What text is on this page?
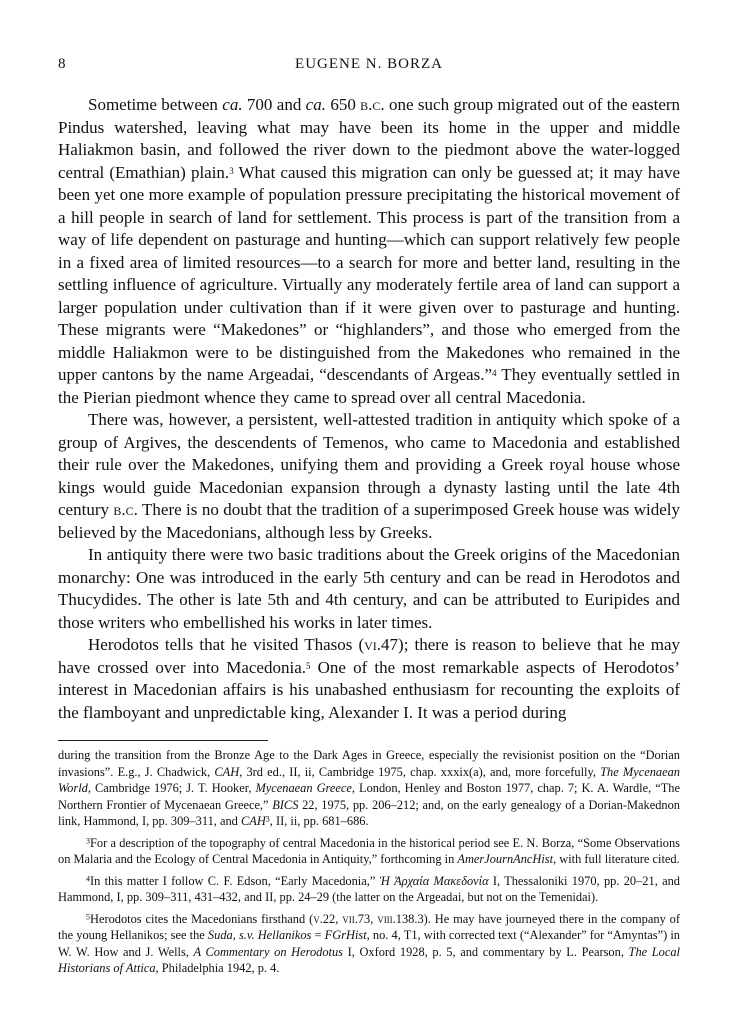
8	EUGENE N. BORZA

Sometime between ca. 700 and ca. 650 b.c. one such group migrated out of the eastern Pindus watershed, leaving what may have been its home in the upper and middle Haliakmon basin, and followed the river down to the piedmont above the water-logged central (Emathian) plain.$^3$ What caused this migration can only be guessed at; it may have been yet one more example of population pressure precipitating the historical movement of a hill people in search of land for settlement. This process is part of the transition from a way of life dependent on pasturage and hunting—which can support relatively few people in a fixed area of limited resources—to a search for more and better land, resulting in the settling influence of agriculture. Virtually any moderately fertile area of land can support a larger population under cultivation than if it were given over to pasturage and hunting. These migrants were “Makedones” or “highlanders”, and those who emerged from the middle Haliakmon were to be distinguished from the Makedones who remained in the upper cantons by the name Argeadai, “descendants of Argeas.”$^4$ They eventually settled in the Pierian piedmont whence they came to spread over all central Macedonia.

There was, however, a persistent, well-attested tradition in antiquity which spoke of a group of Argives, the descendents of Temenos, who came to Macedonia and established their rule over the Makedones, unifying them and providing a Greek royal house whose kings would guide Macedonian expansion through a dynasty lasting until the late 4th century b.c. There is no doubt that the tradition of a superimposed Greek house was widely believed by the Macedonians, although less by Greeks.

In antiquity there were two basic traditions about the Greek origins of the Macedonian monarchy: One was introduced in the early 5th century and can be read in Herodotos and Thucydides. The other is late 5th and 4th century, and can be attributed to Euripides and those writers who embellished his works in later times.

Herodotos tells that he visited Thasos (vi.47); there is reason to believe that he may have crossed over into Macedonia.$^5$ One of the most remarkable aspects of Herodotos’ interest in Macedonian affairs is his unabashed enthusiasm for recounting the exploits of the flamboyant and unpredictable king, Alexander I. It was a period during

during the transition from the Bronze Age to the Dark Ages in Greece, especially the revisionist position on the “Dorian invasions”. E.g., J. Chadwick, CAH, 3rd ed., II, ii, Cambridge 1975, chap. xxxix(a), and, more forcefully, The Mycenaean World, Cambridge 1976; J. T. Hooker, Mycenaean Greece, London, Henley and Boston 1977, chap. 7; K. A. Wardle, “The Northern Frontier of Mycenaean Greece,” BICS 22, 1975, pp. 206–212; and, on the early genealogy of a Dorian-Makednon link, Hammond, I, pp. 309–311, and CAH$^3$, II, ii, pp. 681–686.

$^3$For a description of the topography of central Macedonia in the historical period see E. N. Borza, “Some Observations on Malaria and the Ecology of Central Macedonia in Antiquity,” forthcoming in AmerJournAncHist, with full literature cited.

$^4$In this matter I follow C. F. Edson, “Early Macedonia,” Ἡ Ἀρχαία Μακεδονία I, Thessaloniki 1970, pp. 20–21, and Hammond, I, pp. 309–311, 431–432, and II, pp. 24–29 (the latter on the Argeadai, but not on the Temenidai).

$^5$Herodotos cites the Macedonians firsthand (v.22, vii.73, viii.138.3). He may have journeyed there in the company of the young Hellanikos; see the Suda, s.v. Hellanikos = FGrHist, no. 4, T1, with corrected text (“Alexander” for “Amyntas”) in W. W. How and J. Wells, A Commentary on Herodotus I, Oxford 1928, p. 5, and commentary by L. Pearson, The Local Historians of Attica, Philadelphia 1942, p. 4.
